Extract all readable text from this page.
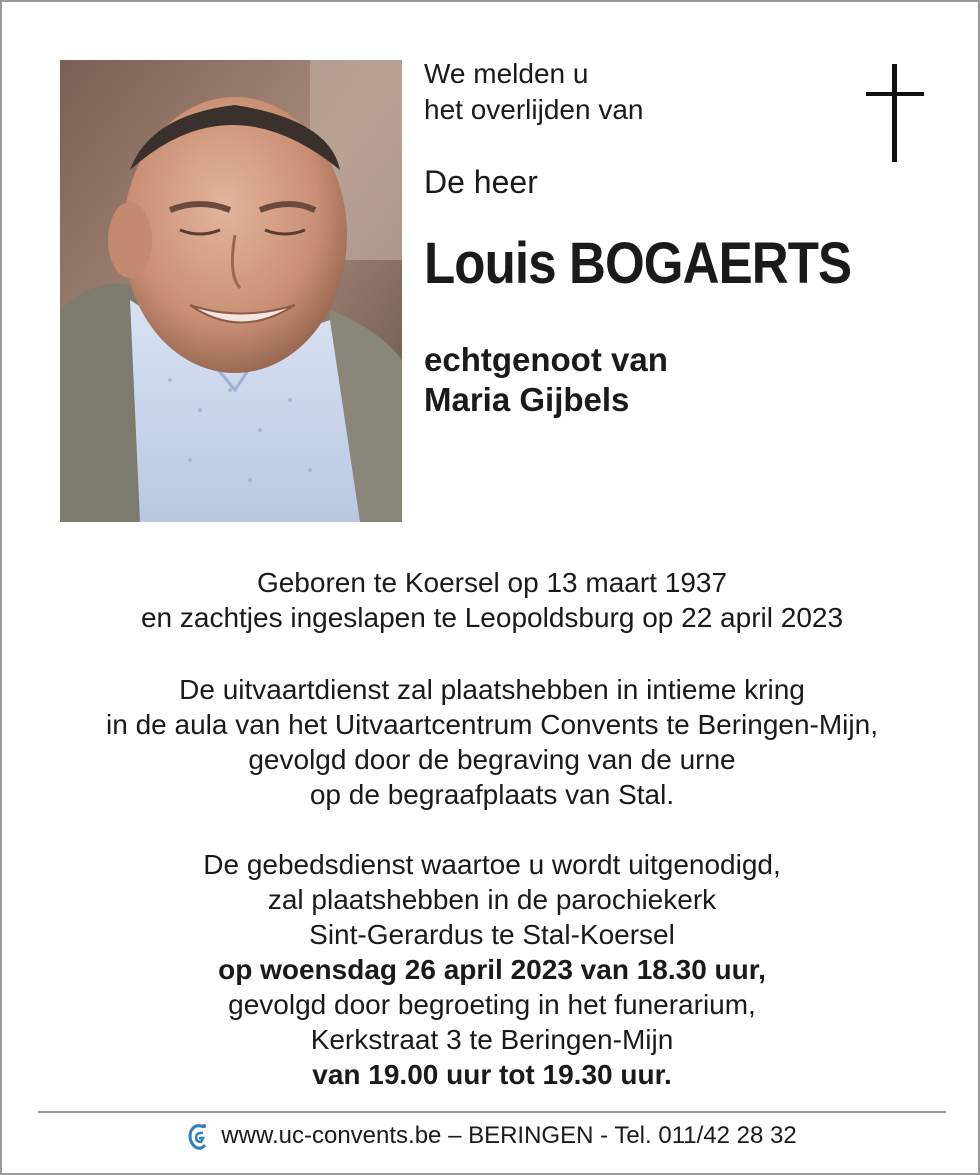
We melden u
het overlijden van
De heer
Louis BOGAERTS
echtgenoot van
Maria Gijbels
Geboren te Koersel op 13 maart 1937
en zachtjes ingeslapen te Leopoldsburg op 22 april 2023
De uitvaartdienst zal plaatshebben in intieme kring
in de aula van het Uitvaartcentrum Convents te Beringen-Mijn,
gevolgd door de begraving van de urne
op de begraafplaats van Stal.
De gebedsdienst waartoe u wordt uitgenodigd,
zal plaatshebben in de parochiekerk
Sint-Gerardus te Stal-Koersel
op woensdag 26 april 2023 van 18.30 uur,
gevolgd door begroeting in het funerarium,
Kerkstraat 3 te Beringen-Mijn
van 19.00 uur tot 19.30 uur.
www.uc-convents.be – BERINGEN - Tel. 011/42 28 32
